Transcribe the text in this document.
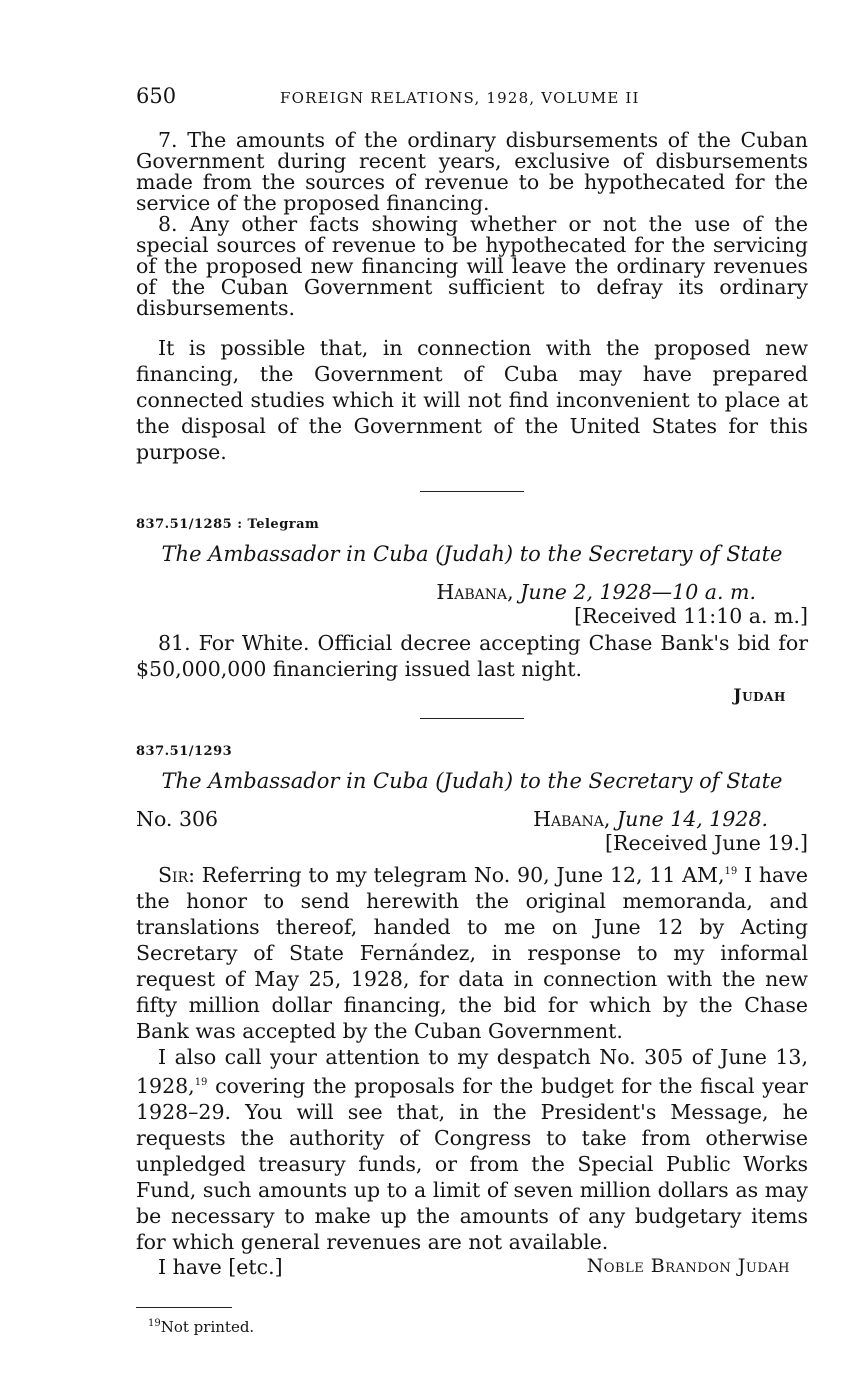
650	FOREIGN RELATIONS, 1928, VOLUME II

7. The amounts of the ordinary disbursements of the Cuban Government during recent years, exclusive of disbursements made from the sources of revenue to be hypothecated for the service of the proposed financing.

8. Any other facts showing whether or not the use of the special sources of revenue to be hypothecated for the servicing of the proposed new financing will leave the ordinary revenues of the Cuban Government sufficient to defray its ordinary disbursements.

It is possible that, in connection with the proposed new financing, the Government of Cuba may have prepared connected studies which it will not find inconvenient to place at the disposal of the Government of the United States for this purpose.

837.51/1285 : Telegram
The Ambassador in Cuba (Judah) to the Secretary of State
Habana, June 2, 1928—10 a. m.
[Received 11:10 a. m.]

81. For White. Official decree accepting Chase Bank's bid for $50,000,000 financiering issued last night.

Judah
837.51/1293
The Ambassador in Cuba (Judah) to the Secretary of State
No. 306	Habana, June 14, 1928.
[Received June 19.]

Sir: Referring to my telegram No. 90, June 12, 11 AM,$^{19}$ I have the honor to send herewith the original memoranda, and translations thereof, handed to me on June 12 by Acting Secretary of State Fernández, in response to my informal request of May 25, 1928, for data in connection with the new fifty million dollar financing, the bid for which by the Chase Bank was accepted by the Cuban Government.

I also call your attention to my despatch No. 305 of June 13, 1928,19 covering the proposals for the budget for the fiscal year 1928–29. You will see that, in the President's Message, he requests the authority of Congress to take from otherwise unpledged treasury funds, or from the Special Public Works Fund, such amounts up to a limit of seven million dollars as may be necessary to make up the amounts of any budgetary items for which general revenues are not available.

I have [etc.]	Noble Brandon Judah
$^{19}$Not printed.
